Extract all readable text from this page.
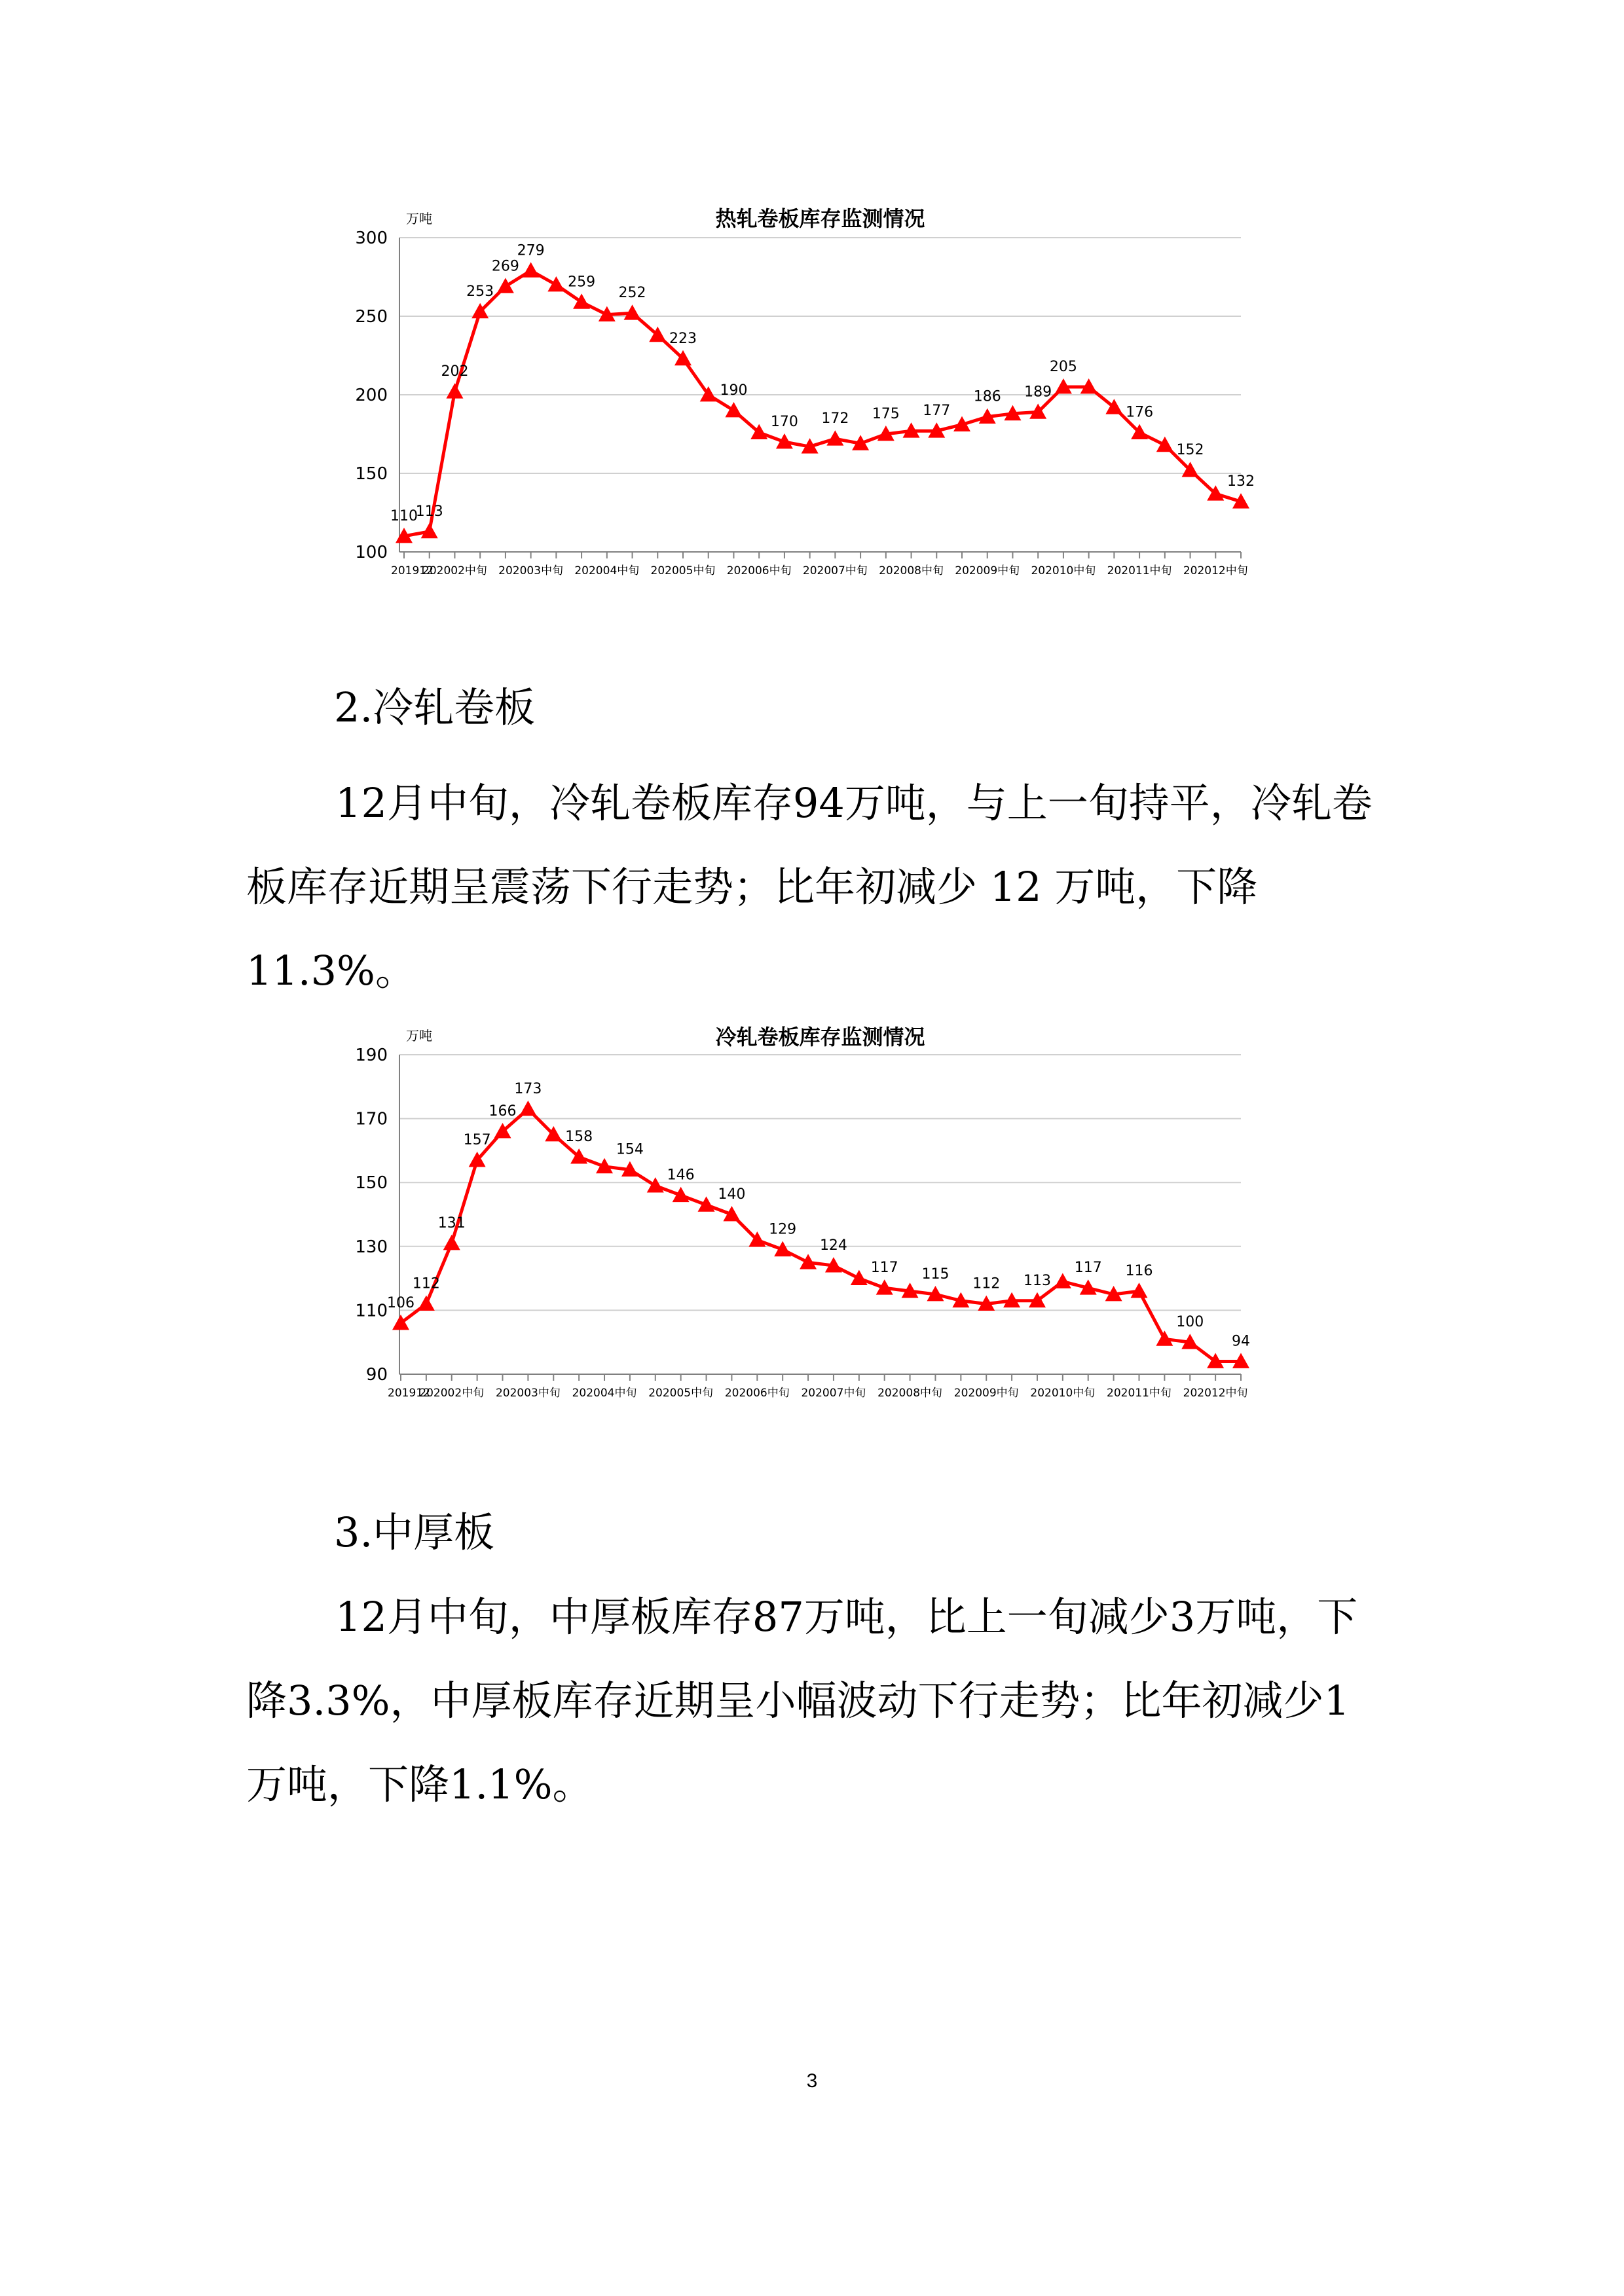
100
150
200
250
300
万吨	热轧卷板库存监测情况
201912
202002中旬 202003中旬 202004中旬 202005中旬 202006中旬 202007中旬 202008中旬 202009中旬 202010中旬 202011中旬 202012中旬
110
113
202
253
269
279
259
252
223
190
170 172 175 177
186 189
205
176
152
132
2.冷轧卷板

12月中旬，冷轧卷板库存94万吨，与上一旬持平，冷轧卷板库存近期呈震荡下行走势；比年初减少 12 万吨，下降11.3%。

90
110
130
150
170
190
万吨	冷轧卷板库存监测情况
201912
202002中旬 202003中旬 202004中旬 202005中旬 202006中旬 202007中旬 202008中旬 202009中旬 202010中旬 202011中旬 202012中旬
106
112
131
157
166
173
158
154
146
140
129
124
117 115
112 113
117 116
100
94
3.中厚板

12月中旬，中厚板库存87万吨，比上一旬减少3万吨，下降3.3%，中厚板库存近期呈小幅波动下行走势；比年初减少1万吨，下降1.1%。

3
